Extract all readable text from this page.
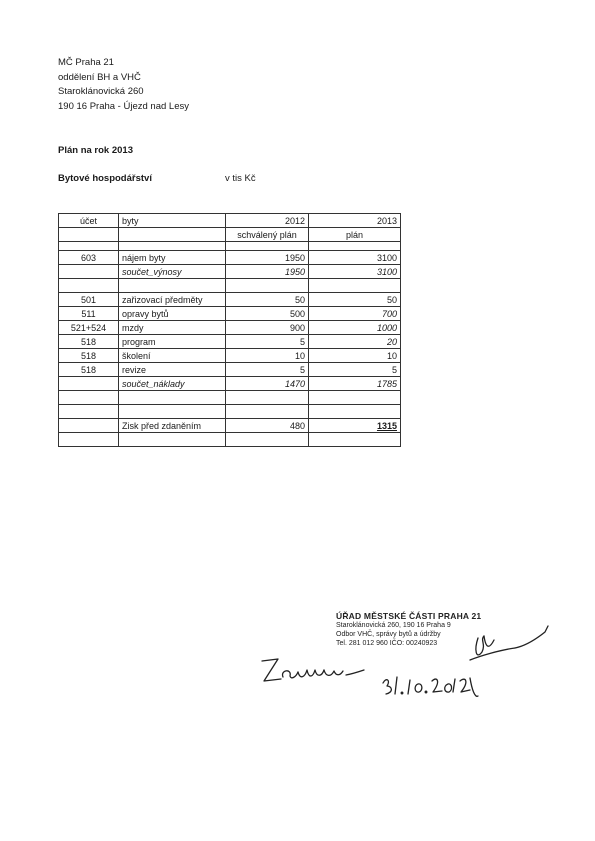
MČ Praha 21
oddělení BH a VHČ
Staroklánovická 260
190 16 Praha - Újezd nad Lesy
Plán na rok 2013
Bytové hospodářství	v tis Kč
účet	byty	2012	2013
		schválený plán	plán

603	nájem byty	1950	3100
	součet_výnosy	1950	3100

501	zařizovací předměty	50	50
511	opravy bytů	500	700
521+524	mzdy	900	1000
518	program	5	20
518	školení	10	10
518	revize	5	5
	součet_náklady	1470	1785

	Zisk před zdaněním	480	1315

ÚŘAD MĚSTSKÉ ČÁSTI PRAHA 21
Staroklánovická 260, 190 16 Praha 9
Odbor VHČ, správy bytů a údržby
Tel. 281 012 960 IČO: 00240923
